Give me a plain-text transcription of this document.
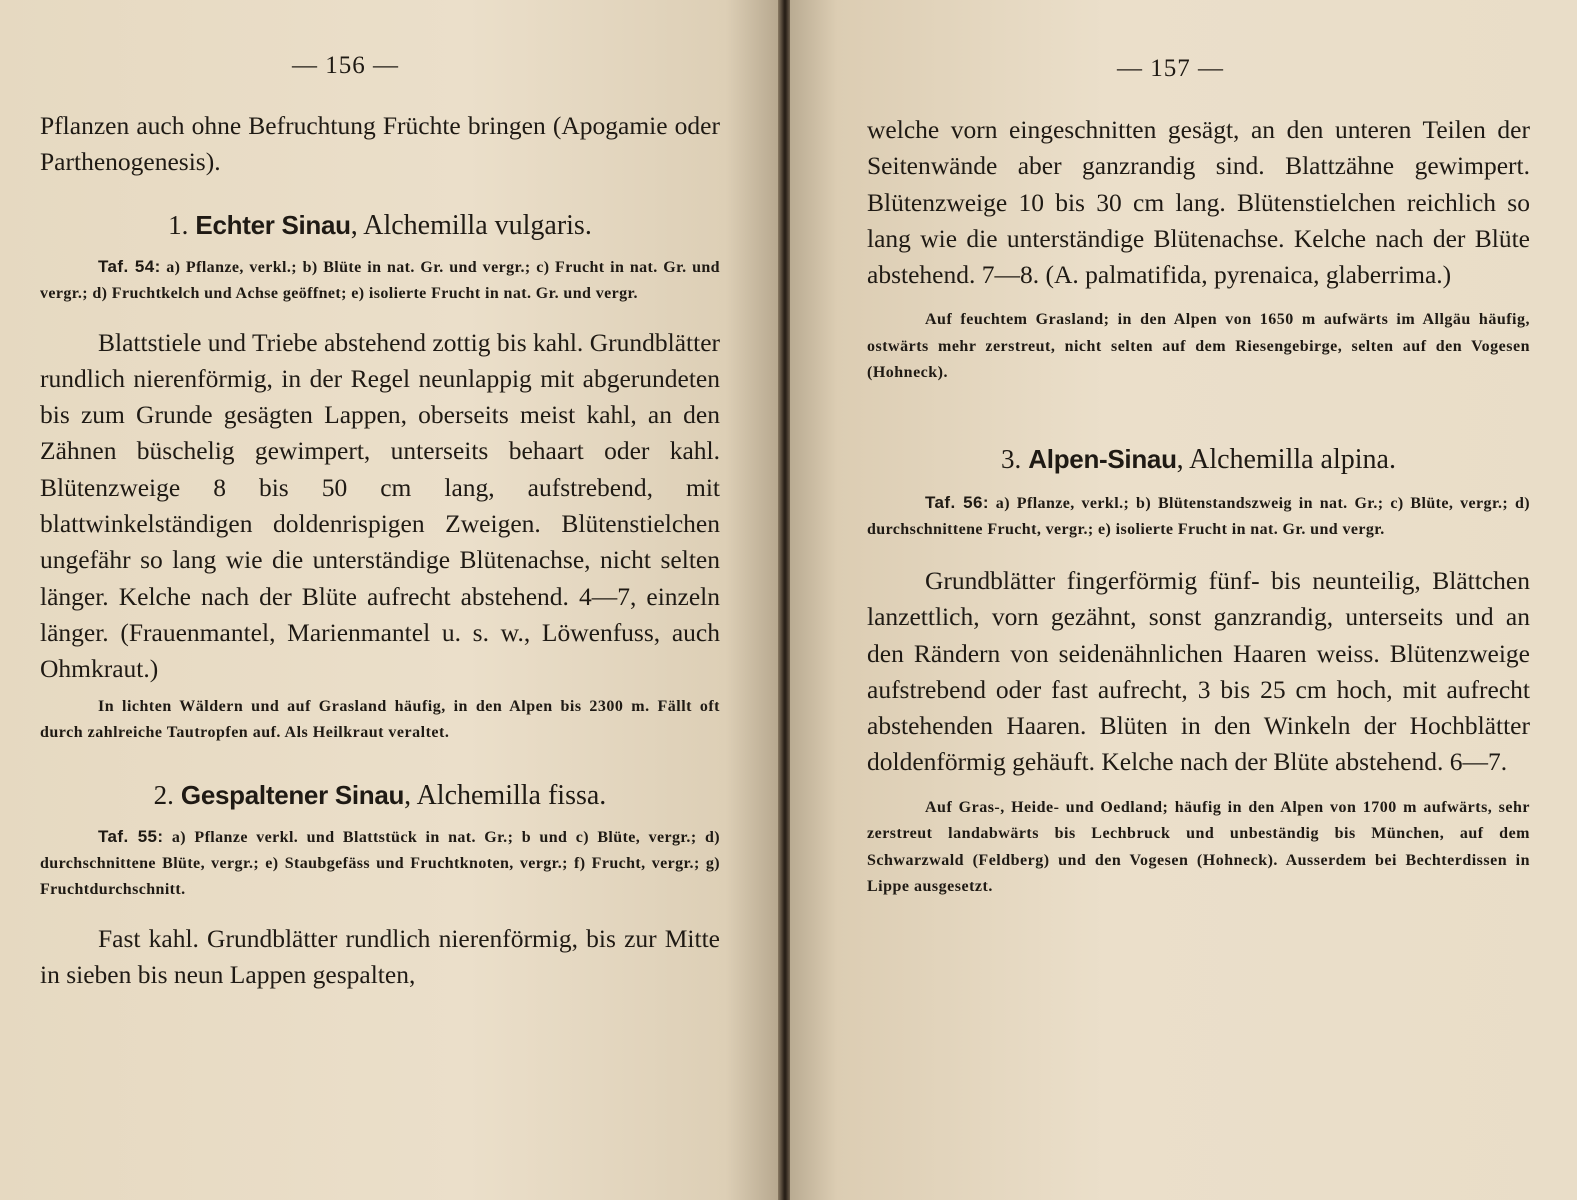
— 156 —

Pflanzen auch ohne Befruchtung Früchte bringen (Apogamie oder Parthenogenesis).

1. Echter Sinau, Alchemilla vulgaris.

Taf. 54: a) Pflanze, verkl.; b) Blüte in nat. Gr. und vergr.; c) Frucht in nat. Gr. und vergr.; d) Fruchtkelch und Achse geöffnet; e) isolierte Frucht in nat. Gr. und vergr.

Blattstiele und Triebe abstehend zottig bis kahl. Grundblätter rundlich nierenförmig, in der Regel neunlappig mit abgerundeten bis zum Grunde gesägten Lappen, oberseits meist kahl, an den Zähnen büschelig gewimpert, unterseits behaart oder kahl. Blütenzweige 8 bis 50 cm lang, aufstrebend, mit blattwinkelständigen doldenrispigen Zweigen. Blütenstielchen ungefähr so lang wie die unterständige Blütenachse, nicht selten länger. Kelche nach der Blüte aufrecht abstehend. 4—7, einzeln länger. (Frauenmantel, Marienmantel u. s. w., Löwenfuss, auch Ohmkraut.)

In lichten Wäldern und auf Grasland häufig, in den Alpen bis 2300 m. Fällt oft durch zahlreiche Tautropfen auf. Als Heilkraut veraltet.

2. Gespaltener Sinau, Alchemilla fissa.

Taf. 55: a) Pflanze verkl. und Blattstück in nat. Gr.; b und c) Blüte, vergr.; d) durchschnittene Blüte, vergr.; e) Staubgefäss und Fruchtknoten, vergr.; f) Frucht, vergr.; g) Fruchtdurchschnitt.

Fast kahl. Grundblätter rundlich nierenförmig, bis zur Mitte in sieben bis neun Lappen gespalten,

— 157 —

welche vorn eingeschnitten gesägt, an den unteren Teilen der Seitenwände aber ganzrandig sind. Blattzähne gewimpert. Blütenzweige 10 bis 30 cm lang. Blütenstielchen reichlich so lang wie die unterständige Blütenachse. Kelche nach der Blüte abstehend. 7—8. (A. palmatifida, pyrenaica, glaberrima.)

Auf feuchtem Grasland; in den Alpen von 1650 m aufwärts im Allgäu häufig, ostwärts mehr zerstreut, nicht selten auf dem Riesengebirge, selten auf den Vogesen (Hohneck).

3. Alpen-Sinau, Alchemilla alpina.

Taf. 56: a) Pflanze, verkl.; b) Blütenstandszweig in nat. Gr.; c) Blüte, vergr.; d) durchschnittene Frucht, vergr.; e) isolierte Frucht in nat. Gr. und vergr.

Grundblätter fingerförmig fünf- bis neunteilig, Blättchen lanzettlich, vorn gezähnt, sonst ganzrandig, unterseits und an den Rändern von seidenähnlichen Haaren weiss. Blütenzweige aufstrebend oder fast aufrecht, 3 bis 25 cm hoch, mit aufrecht abstehenden Haaren. Blüten in den Winkeln der Hochblätter doldenförmig gehäuft. Kelche nach der Blüte abstehend. 6—7.

Auf Gras-, Heide- und Oedland; häufig in den Alpen von 1700 m aufwärts, sehr zerstreut landabwärts bis Lechbruck und unbeständig bis München, auf dem Schwarzwald (Feldberg) und den Vogesen (Hohneck). Ausserdem bei Bechterdissen in Lippe ausgesetzt.
